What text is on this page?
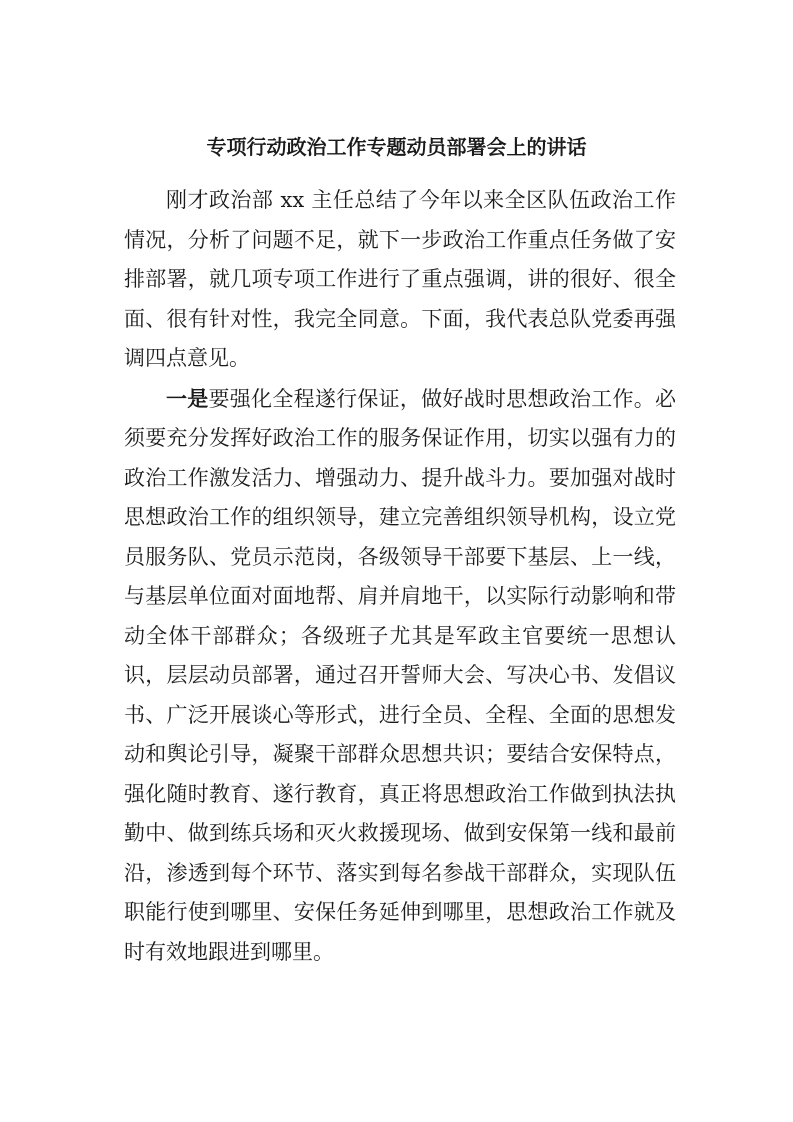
专项行动政治工作专题动员部署会上的讲话

刚才政治部 xx 主任总结了今年以来全区队伍政治工作情况，分析了问题不足，就下一步政治工作重点任务做了安排部署，就几项专项工作进行了重点强调，讲的很好、很全面、很有针对性，我完全同意。下面，我代表总队党委再强调四点意见。

一是要强化全程遂行保证，做好战时思想政治工作。必须要充分发挥好政治工作的服务保证作用，切实以强有力的政治工作激发活力、增强动力、提升战斗力。要加强对战时思想政治工作的组织领导，建立完善组织领导机构，设立党员服务队、党员示范岗，各级领导干部要下基层、上一线，与基层单位面对面地帮、肩并肩地干，以实际行动影响和带动全体干部群众；各级班子尤其是军政主官要统一思想认识，层层动员部署，通过召开誓师大会、写决心书、发倡议书、广泛开展谈心等形式，进行全员、全程、全面的思想发动和舆论引导，凝聚干部群众思想共识；要结合安保特点，强化随时教育、遂行教育，真正将思想政治工作做到执法执勤中、做到练兵场和灭火救援现场、做到安保第一线和最前沿，渗透到每个环节、落实到每名参战干部群众，实现队伍职能行使到哪里、安保任务延伸到哪里，思想政治工作就及时有效地跟进到哪里。
